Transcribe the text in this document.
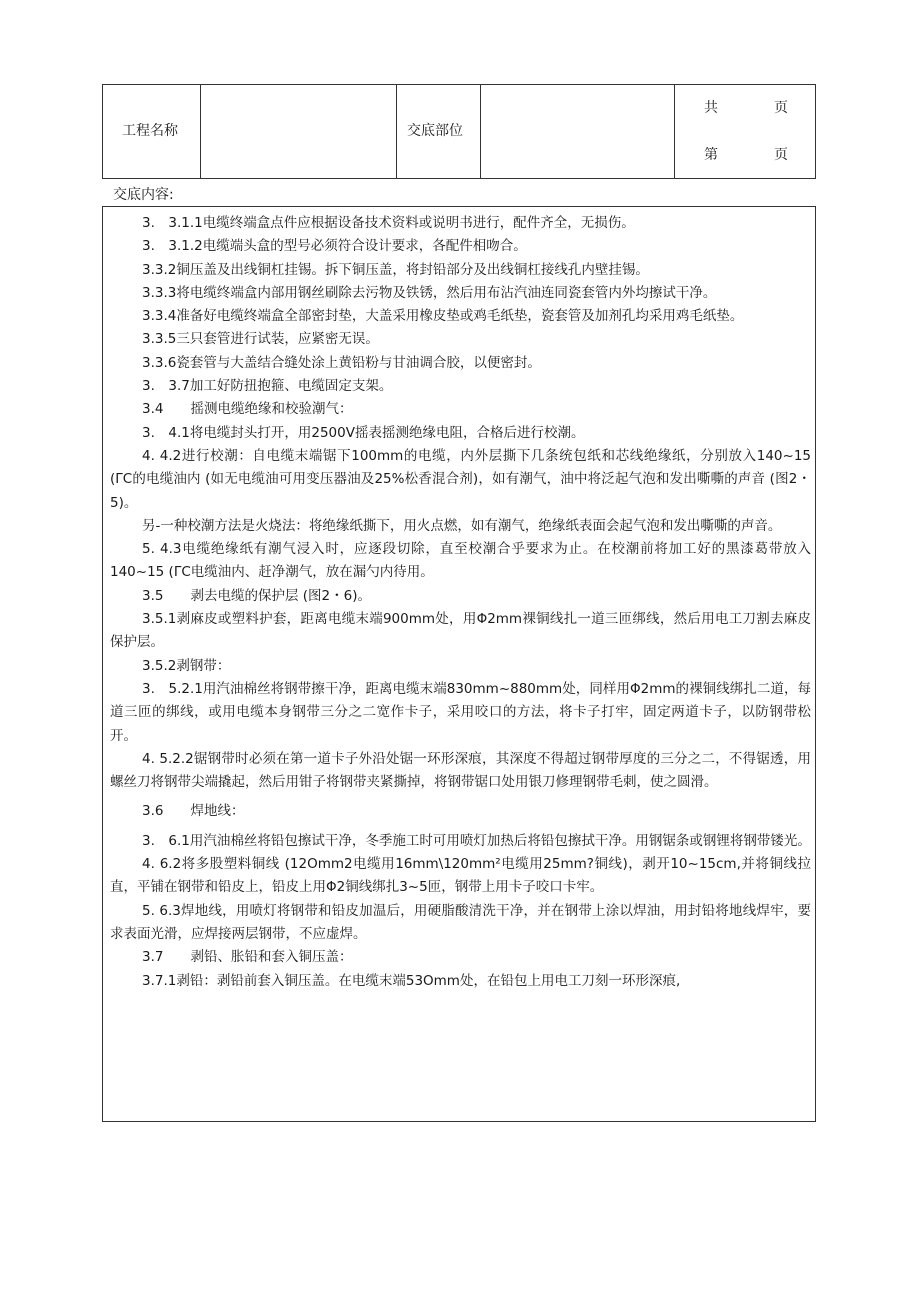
工程名称	交底部位
共　　　　页
第　　　　页
交底内容:

3.　3.1.1电缆终端盒点件应根据设备技术资料或说明书进行，配件齐全，无损伤。

3.　3.1.2电缆端头盒的型号必须符合设计要求，各配件相吻合。

3.3.2铜压盖及出线铜杠挂锡。拆下铜压盖，将封铅部分及出线铜杠接线孔内壁挂锡。

3.3.3将电缆终端盒内部用钢丝刷除去污物及铁锈，然后用布沾汽油连同瓷套管内外均擦试干净。

3.3.4准备好电缆终端盒全部密封垫，大盖采用橡皮垫或鸡毛纸垫，瓷套管及加剂孔均采用鸡毛纸垫。

3.3.5三只套管进行试装，应紧密无误。

3.3.6瓷套管与大盖结合缝处涂上黄铅粉与甘油调合胶，以便密封。

3.　3.7加工好防扭抱箍、电缆固定支架。

3.4　　摇测电缆绝缘和校验潮气：

3.　4.1将电缆封头打开，用2500V摇表摇测绝缘电阻，合格后进行校潮。

4. 4.2进行校潮：自电缆末端锯下100mm的电缆，内外层撕下几条统包纸和芯线绝缘纸，分别放入140~15 (ΓC的电缆油内 (如无电缆油可用变压器油及25%松香混合剂)，如有潮气，油中将泛起气泡和发出嘶嘶的声音 (图2・5)。

另-一种校潮方法是火烧法：将绝缘纸撕下，用火点燃，如有潮气，绝缘纸表面会起气泡和发出嘶嘶的声音。

5. 4.3电缆绝缘纸有潮气浸入时，应逐段切除，直至校潮合乎要求为止。在校潮前将加工好的黑漆葛带放入140~15 (ΓC电缆油内、赶净潮气，放在漏勺内待用。

3.5　　剥去电缆的保护层 (图2・6)。

3.5.1剥麻皮或塑料护套，距离电缆末端900mm处，用Φ2mm裸铜线扎一道三匝绑线，然后用电工刀割去麻皮保护层。

3.5.2剥钢带：

3.　5.2.1用汽油棉丝将钢带擦干净，距离电缆末端830mm~880mm处，同样用Φ2mm的裸铜线绑扎二道，每道三匝的绑线，或用电缆本身钢带三分之二宽作卡子，采用咬口的方法，将卡子打牢，固定两道卡子，以防钢带松开。

4. 5.2.2锯钢带时必须在第一道卡子外沿处锯一环形深痕，其深度不得超过钢带厚度的三分之二，不得锯透，用螺丝刀将钢带尖端撬起，然后用钳子将钢带夹紧撕掉，将钢带锯口处用银刀修理钢带毛刺，使之圆滑。

3.6　　焊地线：

3.　6.1用汽油棉丝将铅包擦试干净，冬季施工时可用喷灯加热后将铅包擦拭干净。用钢锯条或钢锂将钢带镂光。

4. 6.2将多股塑料铜线 (12Omm2电缆用16mm\120mm²电缆用25mm?铜线)，剥开10~15cm,并将铜线拉直，平铺在钢带和铅皮上，铅皮上用Φ2铜线绑扎3~5匝，钢带上用卡子咬口卡牢。

5. 6.3焊地线，用喷灯将钢带和铅皮加温后，用硬脂酸清洗干净，并在钢带上涂以焊油，用封铅将地线焊牢，要求表面光滑，应焊接两层钢带，不应虚焊。

3.7　　剥铅、胀铅和套入铜压盖：

3.7.1剥铅：剥铅前套入铜压盖。在电缆末端53Omm处，在铅包上用电工刀刻一环形深痕,
